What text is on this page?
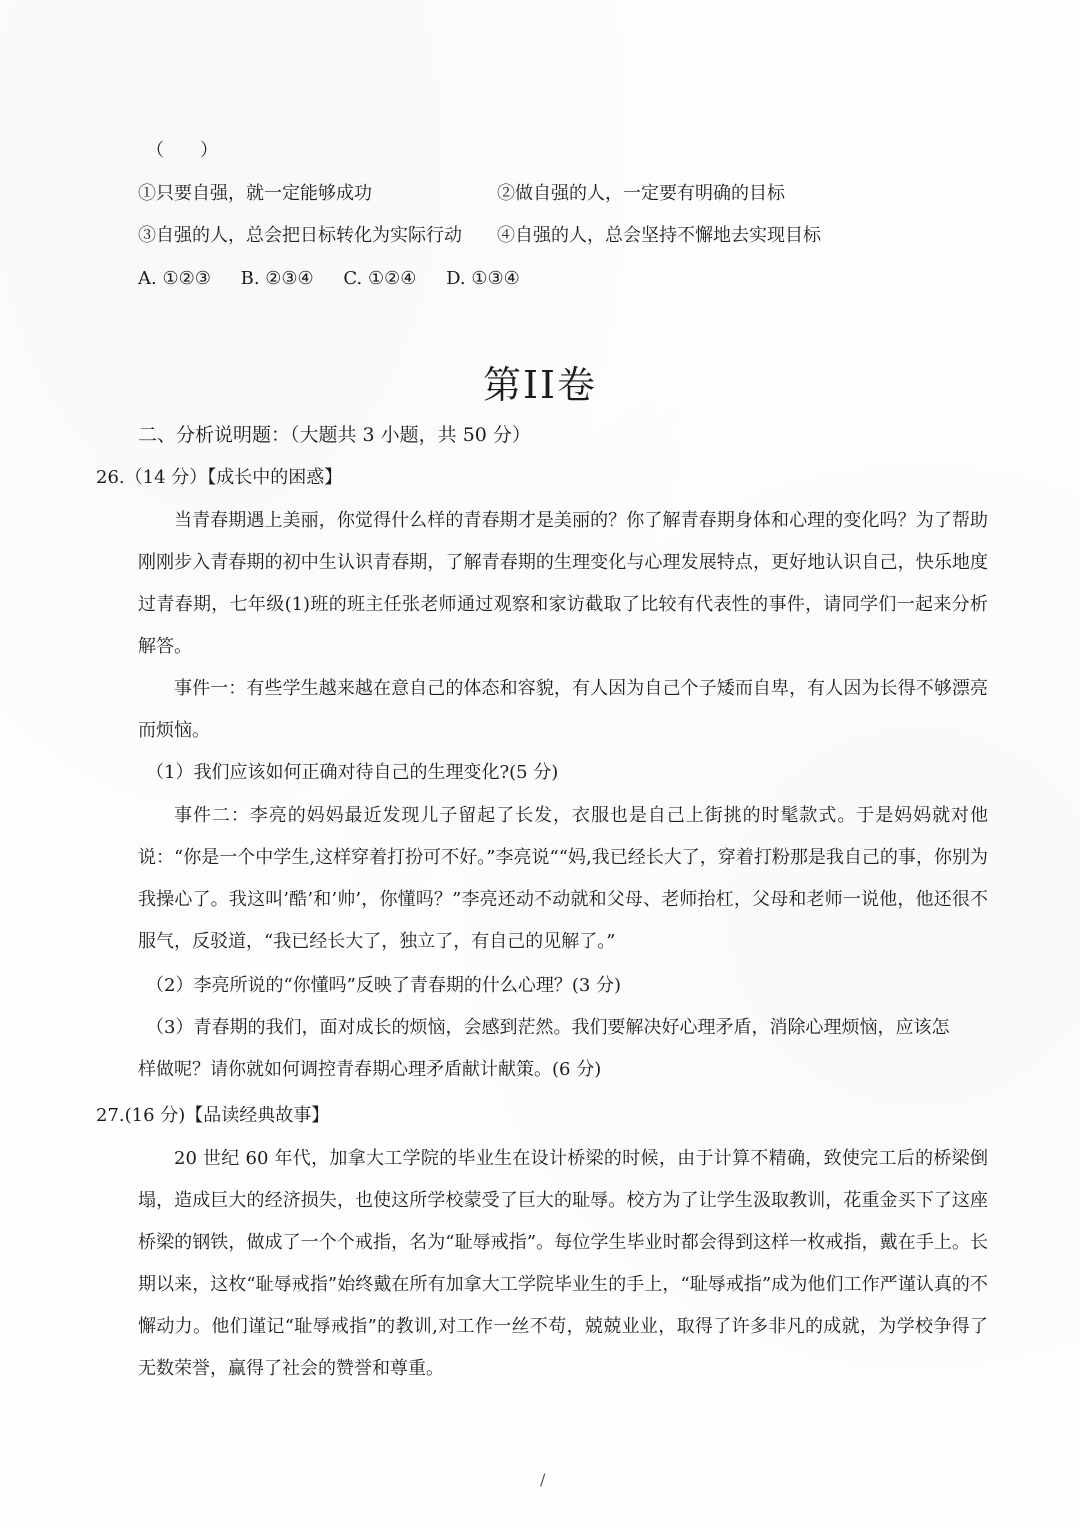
（　　）
①只要自强，就一定能够成功	②做自强的人，一定要有明确的目标
③自强的人，总会把日标转化为实际行动 ④自强的人，总会坚持不懈地去实现目标
A. ①②③ B. ②③④ C. ①②④ D. ①③④
第II卷
二、分析说明题：（大题共 3 小题，共 50 分）
26.（14 分）【成长中的困惑】
当青春期遇上美丽，你觉得什么样的青春期才是美丽的？你了解青春期身体和心理的变化吗？为了帮助刚刚步入青春期的初中生认识青春期，了解青春期的生理变化与心理发展特点，更好地认识自己，快乐地度过青春期，七年级(1)班的班主任张老师通过观察和家访截取了比较有代表性的事件，请同学们一起来分析解答。
事件一：有些学生越来越在意自己的体态和容貌，有人因为自己个子矮而自卑，有人因为长得不够漂亮而烦恼。
（1）我们应该如何正确对待自己的生理变化?(5 分)
事件二：李亮的妈妈最近发现儿子留起了长发，衣服也是自己上街挑的时髦款式。于是妈妈就对他说：“你是一个中学生,这样穿着打扮可不好。”李亮说““妈,我已经长大了，穿着打粉那是我自己的事，你别为我操心了。我这叫’酷’和’帅’，你懂吗？”李亮还动不动就和父母、老师抬杠，父母和老师一说他，他还很不服气，反驳道，“我已经长大了，独立了，有自己的见解了。”
（2）李亮所说的“你懂吗”反映了青春期的什么心理？(3 分)
（3）青春期的我们，面对成长的烦恼，会感到茫然。我们要解决好心理矛盾，消除心理烦恼，应该怎
样做呢？请你就如何调控青春期心理矛盾献计献策。(6 分)
27.(16 分)【品读经典故事】
20 世纪 60 年代，加拿大工学院的毕业生在设计桥梁的时候，由于计算不精确，致使完工后的桥梁倒塌，造成巨大的经济损失，也使这所学校蒙受了巨大的耻辱。校方为了让学生汲取教训，花重金买下了这座桥梁的钢铁，做成了一个个戒指，名为“耻辱戒指”。每位学生毕业时都会得到这样一枚戒指，戴在手上。长期以来，这枚“耻辱戒指”始终戴在所有加拿大工学院毕业生的手上，“耻辱戒指”成为他们工作严谨认真的不懈动力。他们谨记“耻辱戒指”的教训,对工作一丝不苟，兢兢业业，取得了许多非凡的成就，为学校争得了无数荣誉，赢得了社会的赞誉和尊重。
/
